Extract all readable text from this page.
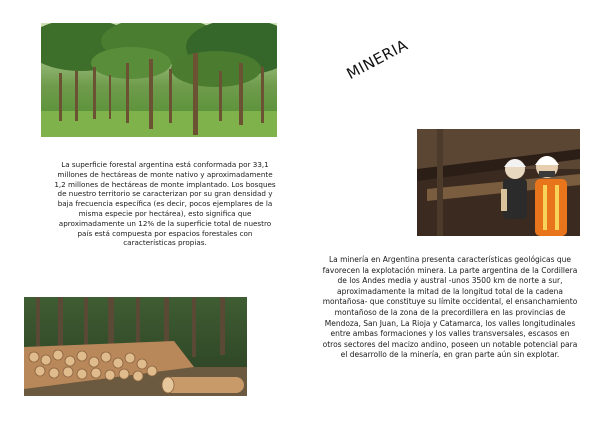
MINERIA

La superficie forestal argentina está conformada por 33,1 millones de hectáreas de monte nativo y aproximadamente 1,2 millones de hectáreas de monte implantado. Los bosques de nuestro territorio se caracterizan por su gran densidad y baja frecuencia específica (es decir, pocos ejemplares de la misma especie por hectárea), esto significa que aproximadamente un 12% de la superficie total de nuestro país está compuesta por espacios forestales con características propias.

La minería en Argentina presenta características geológicas que favorecen la explotación minera. La parte argentina de la Cordillera de los Andes media y austral -unos 3500 km de norte a sur, aproximadamente la mitad de la longitud total de la cadena montañosa- que constituye su límite occidental, el ensanchamiento montañoso de la zona de la precordillera en las provincias de Mendoza, San Juan, La Rioja y Catamarca, los valles longitudinales entre ambas formaciones y los valles transversales, escasos en otros sectores del macizo andino, poseen un notable potencial para el desarrollo de la minería, en gran parte aún sin explotar.
